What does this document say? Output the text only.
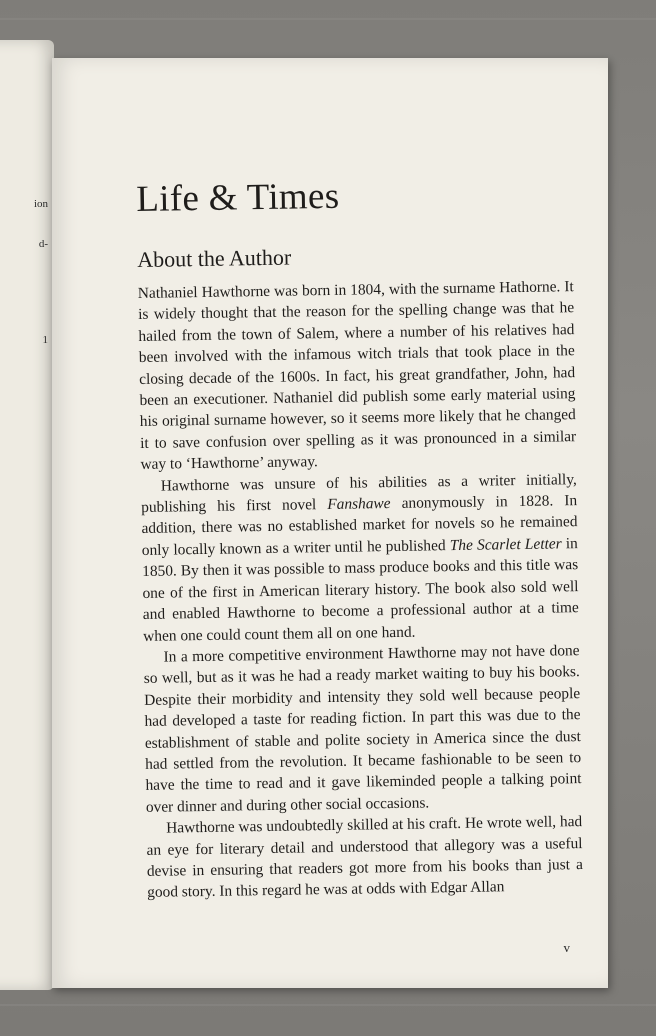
ion
d-
1
Life & Times
About the Author

Nathaniel Hawthorne was born in 1804, with the surname Hathorne. It is widely thought that the reason for the spelling change was that he hailed from the town of Salem, where a number of his relatives had been involved with the infamous witch trials that took place in the closing decade of the 1600s. In fact, his great grandfather, John, had been an executioner. Nathaniel did publish some early material using his original surname however, so it seems more likely that he changed it to save confusion over spelling as it was pronounced in a similar way to ‘Hawthorne’ anyway.

Hawthorne was unsure of his abilities as a writer initially, publishing his first novel Fanshawe anonymously in 1828. In addition, there was no established market for novels so he remained only locally known as a writer until he published The Scarlet Letter in 1850. By then it was possible to mass produce books and this title was one of the first in American literary history. The book also sold well and enabled Hawthorne to become a professional author at a time when one could count them all on one hand.

In a more competitive environment Hawthorne may not have done so well, but as it was he had a ready market waiting to buy his books. Despite their morbidity and intensity they sold well because people had developed a taste for reading fiction. In part this was due to the establishment of stable and polite society in America since the dust had settled from the revolution. It became fashionable to be seen to have the time to read and it gave likeminded people a talking point over dinner and during other social occasions.

Hawthorne was undoubtedly skilled at his craft. He wrote well, had an eye for literary detail and understood that allegory was a useful devise in ensuring that readers got more from his books than just a good story. In this regard he was at odds with Edgar Allan

v
